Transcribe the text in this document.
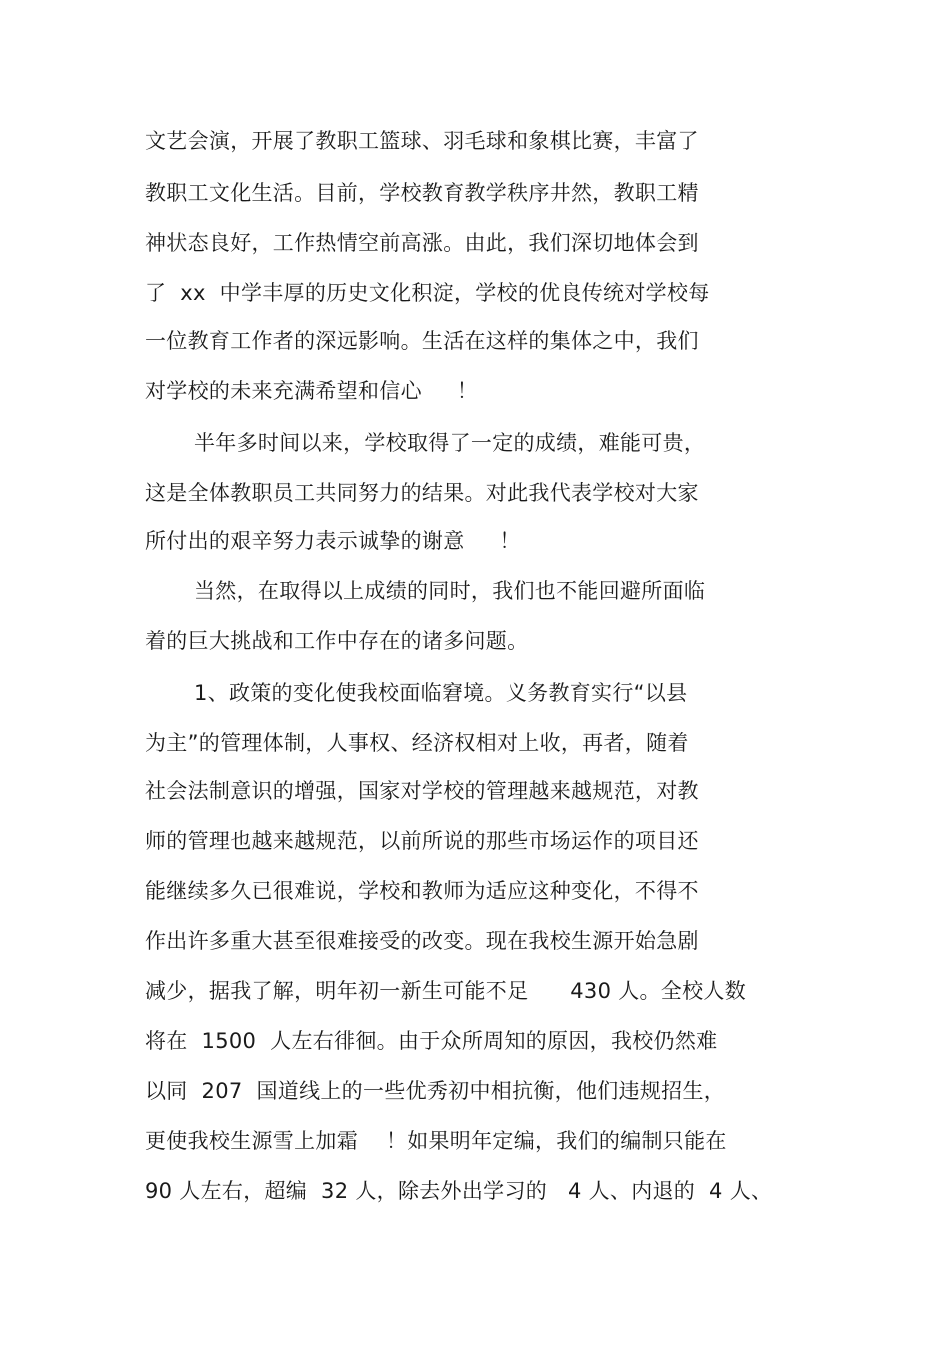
文艺会演，开展了教职工篮球、羽毛球和象棋比赛，丰富了
教职工文化生活。目前，学校教育教学秩序井然，教职工精
神状态良好，工作热情空前高涨。由此，我们深切地体会到
了  xx  中学丰厚的历史文化积淀，学校的优良传统对学校每
一位教育工作者的深远影响。生活在这样的集体之中，我们
对学校的未来充满希望和信心     ！
半年多时间以来，学校取得了一定的成绩，难能可贵，
这是全体教职员工共同努力的结果。对此我代表学校对大家
所付出的艰辛努力表示诚挚的谢意     ！
当然，在取得以上成绩的同时，我们也不能回避所面临
着的巨大挑战和工作中存在的诸多问题。
1、政策的变化使我校面临窘境。义务教育实行“以县
为主”的管理体制，人事权、经济权相对上收，再者，随着
社会法制意识的增强，国家对学校的管理越来越规范，对教
师的管理也越来越规范，以前所说的那些市场运作的项目还
能继续多久已很难说，学校和教师为适应这种变化，不得不
作出许多重大甚至很难接受的改变。现在我校生源开始急剧
减少，据我了解，明年初一新生可能不足      430 人。全校人数
将在  1500  人左右徘徊。由于众所周知的原因，我校仍然难
以同  207  国道线上的一些优秀初中相抗衡，他们违规招生，
更使我校生源雪上加霜    ！如果明年定编，我们的编制只能在
90 人左右，超编  32 人，除去外出学习的   4 人、内退的  4 人、
